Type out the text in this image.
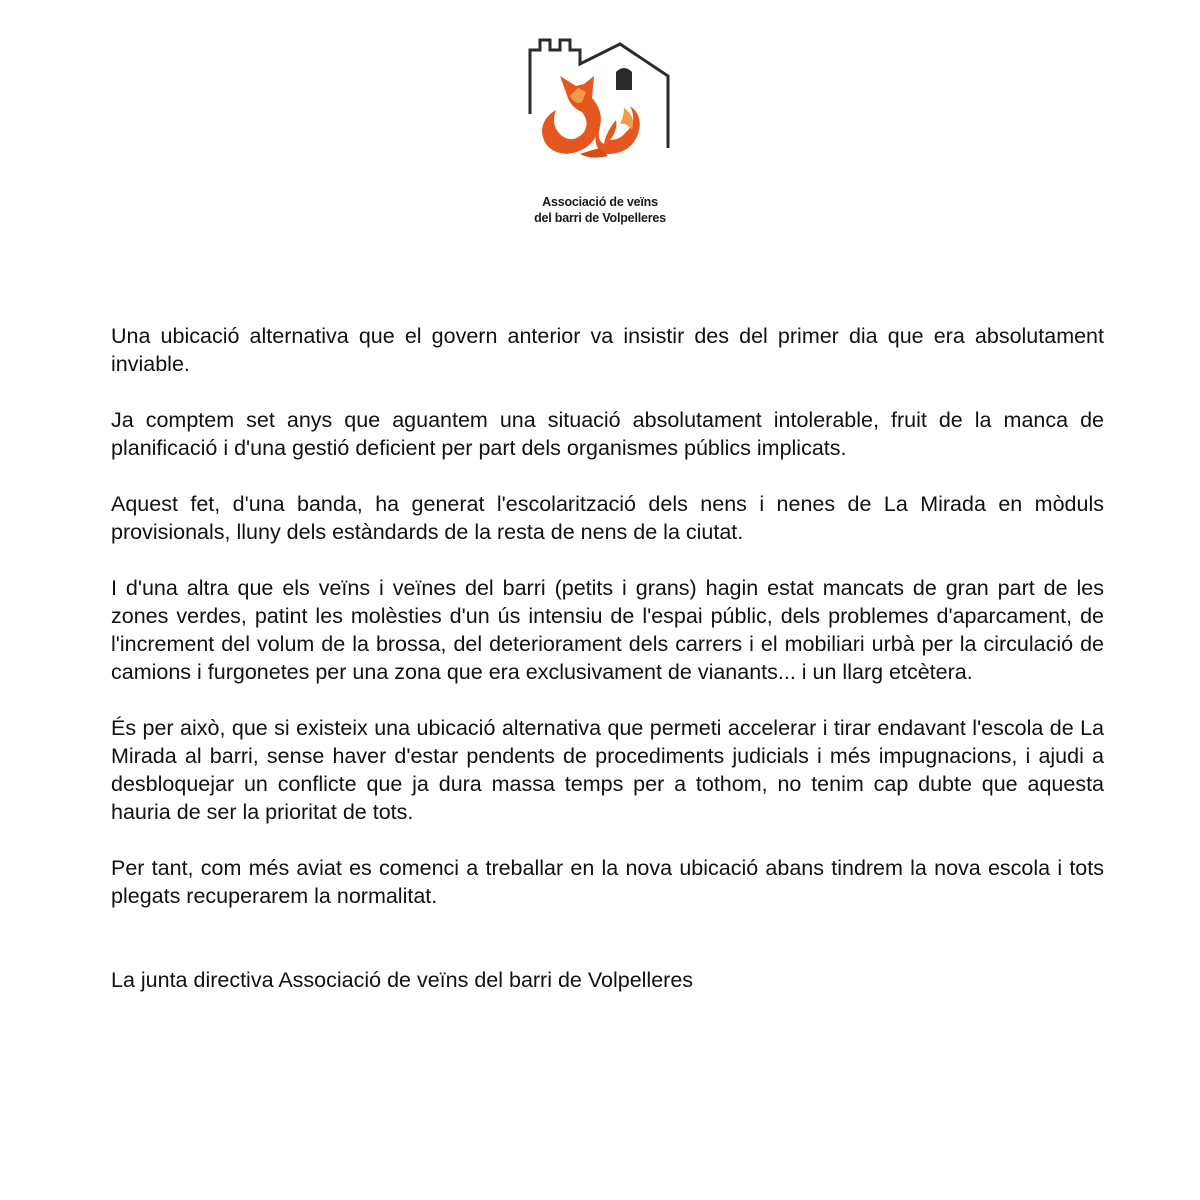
Associació de veïns
del barri de Volpelleres

Una ubicació alternativa que el govern anterior va insistir des del primer dia que era absolutament inviable.

Ja comptem set anys que aguantem una situació absolutament intolerable, fruit de la manca de planificació i d'una gestió deficient per part dels organismes públics implicats.

Aquest fet, d'una banda, ha generat l'escolarització dels nens i nenes de La Mirada en mòduls provisionals, lluny dels estàndards de la resta de nens de la ciutat.

I d'una altra que els veïns i veïnes del barri (petits i grans) hagin estat mancats de gran part de les zones verdes, patint les molèsties d'un ús intensiu de l'espai públic, dels problemes d'aparcament, de l'increment del volum de la brossa, del deteriorament dels carrers i el mobiliari urbà per la circulació de camions i furgonetes per una zona que era exclusivament de vianants... i un llarg etcètera.

És per això, que si existeix una ubicació alternativa que permeti accelerar i tirar endavant l'escola de La Mirada al barri, sense haver d'estar pendents de procediments judicials i més impugnacions, i ajudi a desbloquejar un conflicte que ja dura massa temps per a tothom, no tenim cap dubte que aquesta hauria de ser la prioritat de tots.

Per tant, com més aviat es comenci a treballar en la nova ubicació abans tindrem la nova escola i tots plegats recuperarem la normalitat.

La junta directiva Associació de veïns del barri de Volpelleres
